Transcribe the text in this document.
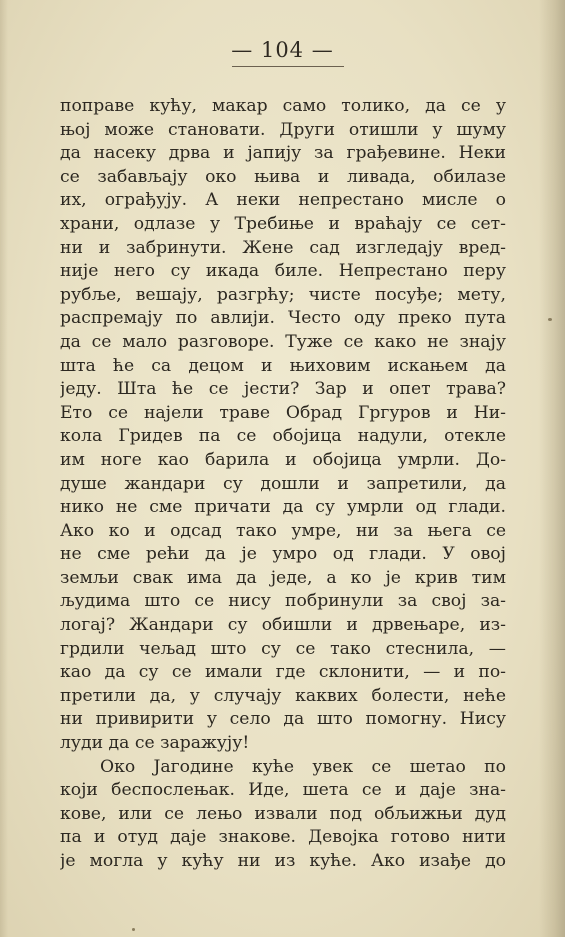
— 104 —
поправе кућу, макар само толико, да се у
њој може становати. Други отишли у шуму
да насеку дрва и јапију за грађевине. Неки
се забављају око њива и ливада, обилазе
их, ограђују. А неки непрестано мисле о
храни, одлазе у Требиње и враћају се сет-
ни и забринути. Жене сад изгледају вред-
није него су икада биле. Непрестано перу
рубље, вешају, разгрћу; чисте посуђе; мету,
распремају по авлији. Често оду преко пута
да се мало разговоре. Туже се како не знају
шта ће са децом и њиховим искањем да
једу. Шта ће се јести? Зар и опет трава?
Ето се најели траве Обрад Гргуров и Ни-
кола Гридев па се обојица надули, отекле
им ноге као барила и обојица умрли. До-
душе жандари су дошли и запретили, да
нико не сме причати да су умрли од глади.
Ако ко и одсад тако умре, ни за њега се
не сме рећи да је умро од глади. У овој
земљи свак има да једе, а ко је крив тим
људима што се нису побринули за свој за-
логај? Жандари су обишли и дрвењаре, из-
грдили чељад што су се тако стеснила, —
као да су се имали где склонити, — и по-
претили да, у случају каквих болести, неће
ни привирити у село да што помогну. Нису
луди да се заражују!
Око Јагодине куће увек се шетао по
који беспослењак. Иде, шета се и даје зна-
кове, или се лењо извали под обљижњи дуд
па и отуд даје знакове. Девојка готово нити
је могла у кућу ни из куће. Ако изађе до
